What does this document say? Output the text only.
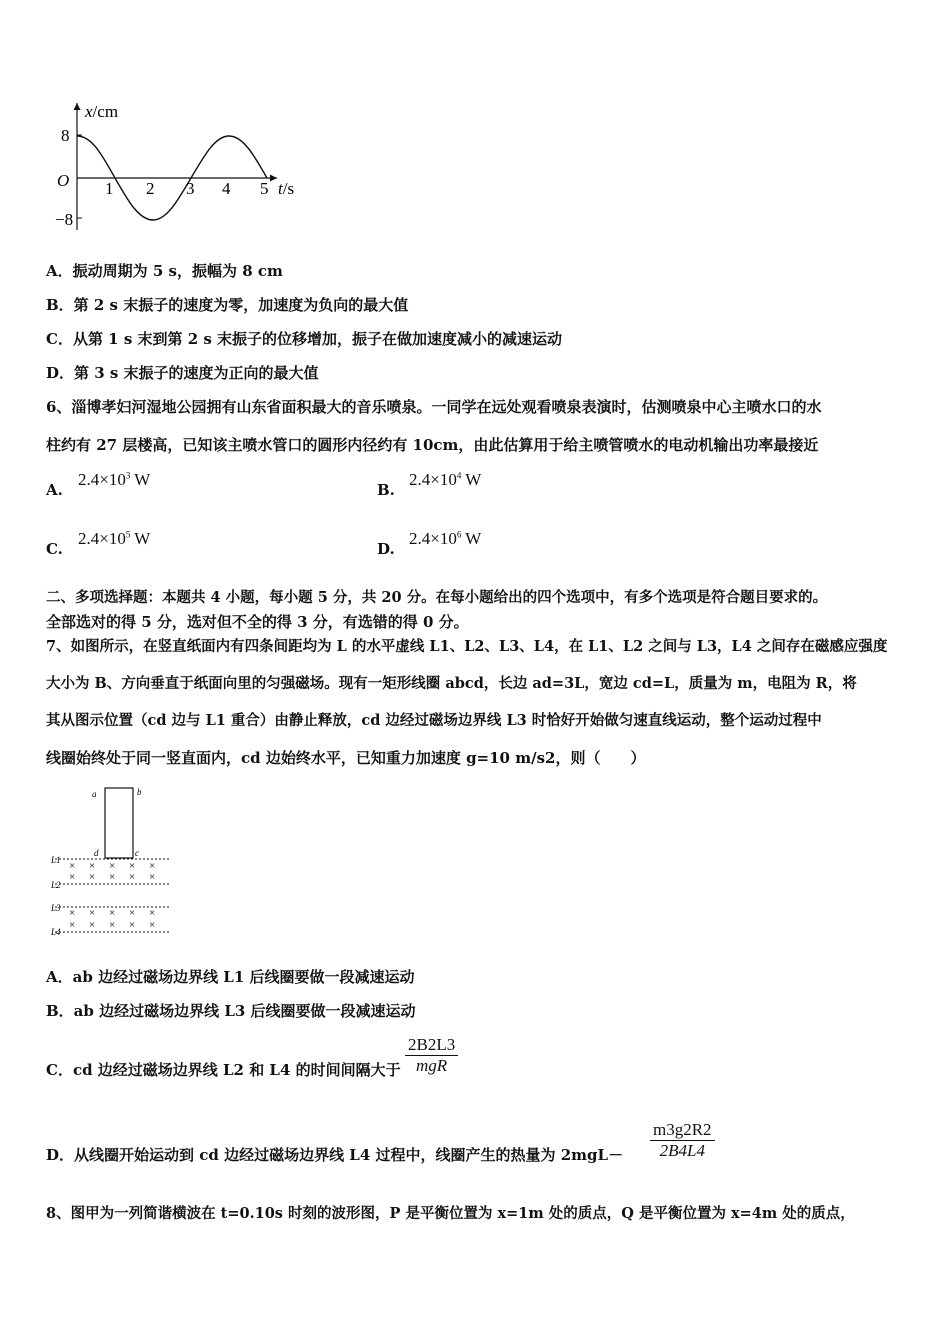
x/cm
8
−8
O 1 2 3 4 5 t/s
A．振动周期为 5 s，振幅为 8 cm
B．第 2 s 末振子的速度为零，加速度为负向的最大值
C．从第 1 s 末到第 2 s 末振子的位移增加，振子在做加速度减小的减速运动
D．第 3 s 末振子的速度为正向的最大值
6、淄博孝妇河湿地公园拥有山东省面积最大的音乐喷泉。一同学在远处观看喷泉表演时，估测喷泉中心主喷水口的水
柱约有 27 层楼高，已知该主喷水管口的圆形内径约有 10cm，由此估算用于给主喷管喷水的电动机输出功率最接近
A.
$2.4\times 10^3$ W
B.
$2.4\times 10^4$ W
C.
$2.4\times 10^5$ W
D.
$2.4\times 10^6$ W
二、多项选择题：本题共 4 小题，每小题 5 分，共 20 分。在每小题给出的四个选项中，有多个选项是符合题目要求的。
全部选对的得 5 分，选对但不全的得 3 分，有选错的得 0 分。
7、如图所示，在竖直纸面内有四条间距均为 L 的水平虚线 L1、L2、L3、L4，在 L1、L2 之间与 L3，L4 之间存在磁感应强度
大小为 B、方向垂直于纸面向里的匀强磁场。现有一矩形线圈 abcd，长边 ad=3L，宽边 cd=L，质量为 m，电阻为 R，将
其从图示位置（cd 边与 L1 重合）由静止释放，cd 边经过磁场边界线 L3 时恰好开始做匀速直线运动，整个运动过程中
线圈始终处于同一竖直面内，cd 边始终水平，已知重力加速度 g=10 m/s2，则（　　）
a	b
d	c
L1
L2
L3
L4
× × × × ×
× × × × ×
× × × × ×
× × × × ×
A．ab 边经过磁场边界线 L1 后线圈要做一段减速运动
B．ab 边经过磁场边界线 L3 后线圈要做一段减速运动
C．cd 边经过磁场边界线 L2 和 L4 的时间间隔大于
2B2L3
mgR
D．从线圈开始运动到 cd 边经过磁场边界线 L4 过程中，线圈产生的热量为 $2mgL- \frac{m3g2R2}{2B4L4}$
8、图甲为一列简谐横波在 t=0.10s 时刻的波形图，P 是平衡位置为 x=1m 处的质点，Q 是平衡位置为 x=4m 处的质点，
